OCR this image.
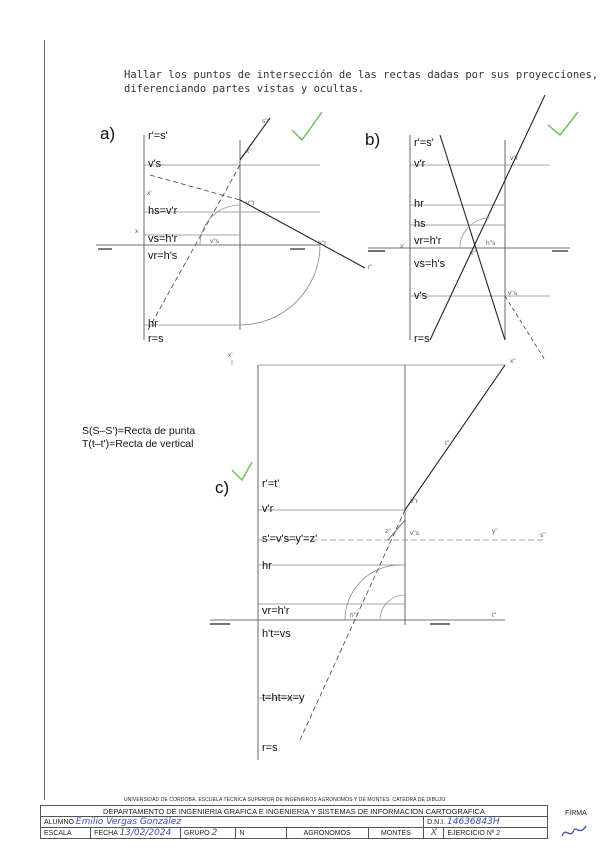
Hallar los puntos de intersección de las rectas dadas por sus proyecciones,
diferenciando partes vistas y ocultas.
a)	r'=s'
v's
x'
hs=v'r
x
vs=h'r
vr=h's
hr
r=s
s''
x''
v'''r
v''s	h''r
r''
b)	r'=s'
v'r
hr
hs
vr=h'r
vs=h's
v's
r=s
v''r
x''
h''s
v''s
x'
S(S–S')=Recta de punta
T(t–t')=Recta de vertical
c)
x'
r'=t'
v'r
s'=v's=y'=z'
hr
vr=h'r
h't=vs
t=ht=x=y
r=s
x''
t''
v''r
z''	v''s	y''
s''
h''r	t''
UNIVERSIDAD DE CORDOBA. ESCUELA TECNICA SUPERIOR DE INGENIEROS AGRONOMOS Y DE MONTES. CATEDRA DE DIBUJO
DEPARTAMENTO DE INGENIERIA GRAFICA E INGENIERIA Y SISTEMAS DE INFORMACION CARTOGRAFICA							
ALUMNO Emilio Vergas González						D.N.I. 14636843H	
ESCALA	FECHA 13/02/2024	GRUPO 2	N	AGRONOMOS	MONTES	X	EJERCICIO Nº 2
FIRMA
